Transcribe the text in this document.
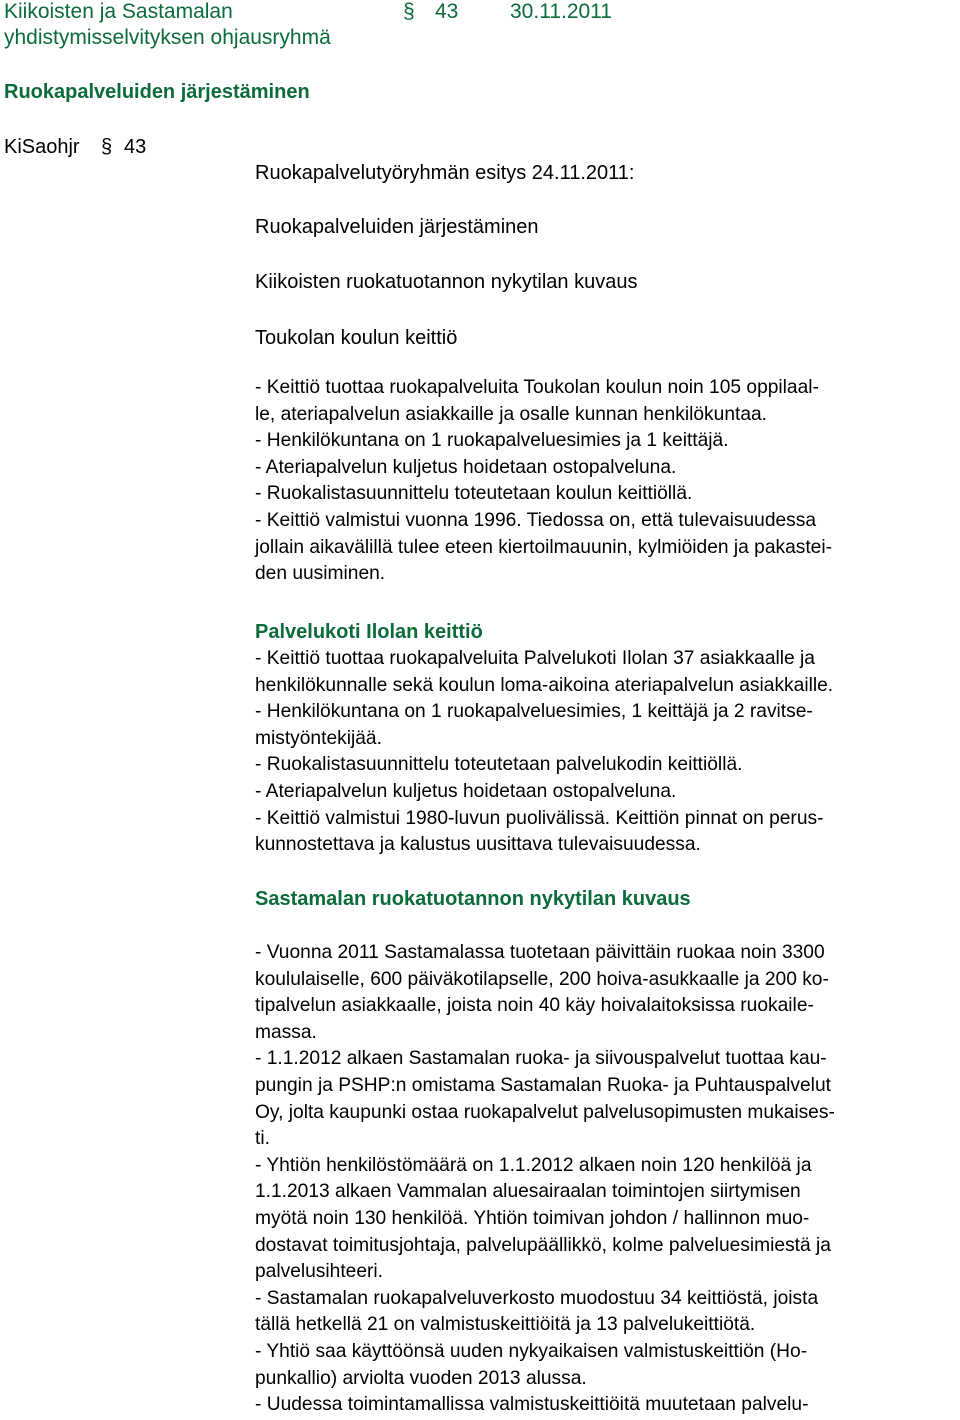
Kiikoisten ja Sastamalan
yhdistymisselvityksen ohjausryhmä
§ 43 30.11.2011
Ruokapalveluiden järjestäminen
KiSaohjr § 43
Ruokapalvelutyöryhmän esitys 24.11.2011:
Ruokapalveluiden järjestäminen
Kiikoisten ruokatuotannon nykytilan kuvaus
Toukolan koulun keittiö
- Keittiö tuottaa ruokapalveluita Toukolan koulun noin 105 oppilaal-
le, ateriapalvelun asiakkaille ja osalle kunnan henkilökuntaa.
- Henkilökuntana on 1 ruokapalveluesimies ja 1 keittäjä.
- Ateriapalvelun kuljetus hoidetaan ostopalveluna.
- Ruokalistasuunnittelu toteutetaan koulun keittiöllä.
- Keittiö valmistui vuonna 1996. Tiedossa on, että tulevaisuudessa
jollain aikavälillä tulee eteen kiertoilmauunin, kylmiöiden ja pakastei-
den uusiminen.
Palvelukoti Ilolan keittiö
- Keittiö tuottaa ruokapalveluita Palvelukoti Ilolan 37 asiakkaalle ja
henkilökunnalle sekä koulun loma-aikoina ateriapalvelun asiakkaille.
- Henkilökuntana on 1 ruokapalveluesimies, 1 keittäjä ja 2 ravitse-
mistyöntekijää.
- Ruokalistasuunnittelu toteutetaan palvelukodin keittiöllä.
- Ateriapalvelun kuljetus hoidetaan ostopalveluna.
- Keittiö valmistui 1980-luvun puolivälissä. Keittiön pinnat on perus-
kunnostettava ja kalustus uusittava tulevaisuudessa.
Sastamalan ruokatuotannon nykytilan kuvaus
- Vuonna 2011 Sastamalassa tuotetaan päivittäin ruokaa noin 3300
koululaiselle, 600 päiväkotilapselle, 200 hoiva-asukkaalle ja 200 ko-
tipalvelun asiakkaalle, joista noin 40 käy hoivalaitoksissa ruokaile-
massa.
- 1.1.2012 alkaen Sastamalan ruoka- ja siivouspalvelut tuottaa kau-
pungin ja PSHP:n omistama Sastamalan Ruoka- ja Puhtauspalvelut
Oy, jolta kaupunki ostaa ruokapalvelut palvelusopimusten mukaises-
ti.
- Yhtiön henkilöstömäärä on 1.1.2012 alkaen noin 120 henkilöä ja
1.1.2013 alkaen Vammalan aluesairaalan toimintojen siirtymisen
myötä noin 130 henkilöä. Yhtiön toimivan johdon / hallinnon muo-
dostavat toimitusjohtaja, palvelupäällikkö, kolme palveluesimiestä ja
palvelusihteeri.
- Sastamalan ruokapalveluverkosto muodostuu 34 keittiöstä, joista
tällä hetkellä 21 on valmistuskeittiöitä ja 13 palvelukeittiötä.
- Yhtiö saa käyttöönsä uuden nykyaikaisen valmistuskeittiön (Ho-
punkallio) arviolta vuoden 2013 alussa.
- Uudessa toimintamallissa valmistuskeittiöitä muutetaan palvelu-
